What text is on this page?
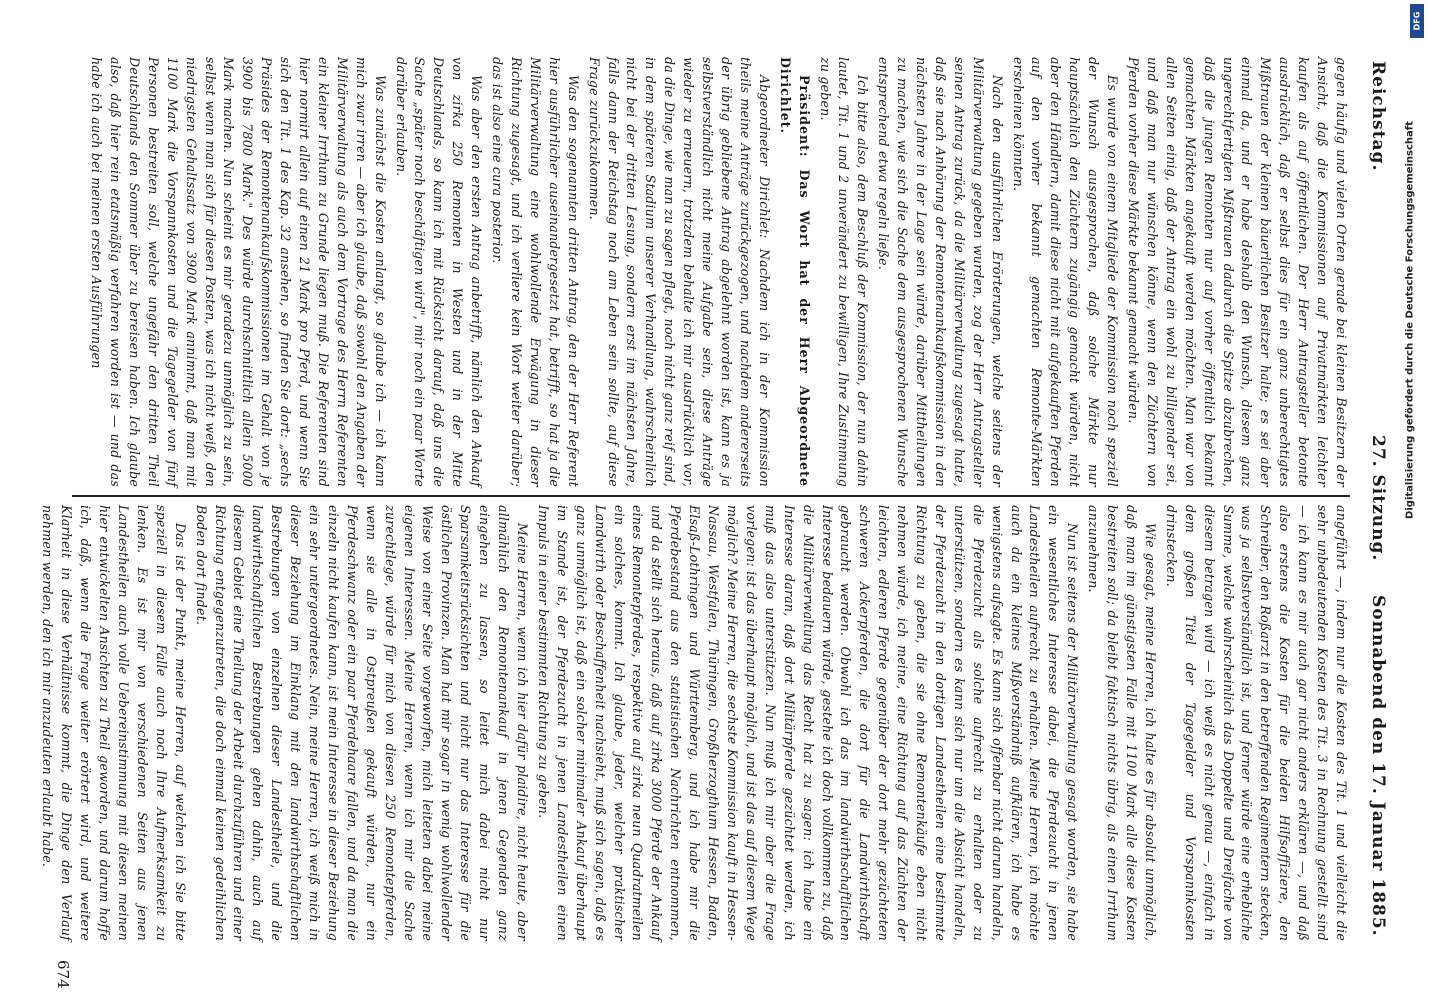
Reichstag.
27. Sitzung.
Sonnabend den 17. Januar 1885.

gegen häufig und vielen Orten gerade bei kleinen Besitzern der Ansicht, daß die Kommissionen auf Privatmärkten leichter kaufen als auf öffentlichen. Der Herr Antragsteller betonte ausdrücklich, daß er selbst dies für ein ganz unberechtigtes Mißtrauen der kleinen bäuerlichen Besitzer halte; es sei aber einmal da, und er habe deshalb den Wunsch, diesem ganz ungerechtfertigten Mißtrauen dadurch die Spitze abzubrechen, daß die jungen Remonten nur auf vorher öffentlich bekannt gemachten Märkten angekauft werden möchten. Man war von allen Seiten einig, daß der Antrag ein wohl zu billigender sei, und daß man nur wünschen könne, wenn den Züchtern von Pferden vorher diese Märkte bekannt gemacht würden.

Es wurde von einem Mitgliede der Kommission noch speziell der Wunsch ausgesprochen, daß solche Märkte nur hauptsächlich den Züchtern zugängig gemacht würden, nicht aber den Händlern, damit diese nicht mit aufgekauften Pferden auf den vorher bekannt gemachten Remonte-Märkten erscheinen könnten.

Nach den ausführlichen Erörterungen, welche seitens der Militärverwaltung gegeben wurden, zog der Herr Antragsteller seinen Antrag zurück, da die Militärverwaltung zugesagt hatte, daß sie nach Anhörung der Remontenankaufskommission in den nächsten Jahre in der Lage sein würde, darüber Mittheilungen zu machen, wie sich die Sache dem ausgesprochenen Wunsche entsprechend etwa regeln ließe.

Ich bitte also, dem Beschluß der Kommission, der nun dahin lautet, Tit. 1 und 2 unverändert zu bewilligen, Ihre Zustimmung zu geben.

Präsident: Das Wort hat der Herr Abgeordnete Dirichlet.

Abgeordneter Dirichlet: Nachdem ich in der Kommission theils meine Anträge zurückgezogen, und nachdem andererseits der übrig gebliebene Antrag abgelehnt worden ist, kann es ja selbstverständlich nicht meine Aufgabe sein, diese Anträge wieder zu erneuern, trotzdem behalte ich mir ausdrücklich vor, da die Dinge, wie man zu sagen pflegt, noch nicht ganz reif sind, in dem späteren Stadium unserer Verhandlung, wahrscheinlich nicht bei der dritten Lesung, sondern erst im nächsten Jahre, falls dann der Reichstag noch am Leben sein sollte, auf diese Frage zurückzukommen.

Was den sogenannten dritten Antrag, den der Herr Referent hier ausführlicher auseinandergesetzt hat, betrifft, so hat ja die Militärverwaltung eine wohlwollende Erwägung in dieser Richtung zugesagt, und ich verliere kein Wort weiter darüber; das ist also eine cura posterior.

Was aber den ersten Antrag anbetrifft, nämlich den Ankauf von zirka 250 Remonten in Westen und in der Mitte Deutschlands, so kann ich mit Rücksicht darauf, daß uns die Sache „später noch beschäftigen wird", mir noch ein paar Worte darüber erlauben.

Was zunächst die Kosten anlangt, so glaube ich — ich kann mich zwar irren — aber ich glaube, daß sowohl den Angaben der Militärverwaltung als auch dem Vortrage des Herrn Referenten ein kleiner Irrthum zu Grunde liegen muß. Die Referenten sind hier normirt allein auf einen 21 Mark pro Pferd, und wenn Sie sich den Tit. 1 des Kap. 32 ansehen, so finden Sie dort: „sechs Präsides der Remontenankaufskommissionen im Gehalt von je 3900 bis 7800 Mark." Des würde durchschnittlich allein 5000 Mark machen. Nun scheint es mir geradezu unmöglich zu sein, selbst wenn man sich für diesen Posten, was ich nicht weiß, den niedrigsten Gehaltssatz von 3900 Mark annimmt, daß man mit 1100 Mark die Vorspannkosten und die Tagegelder von fünf Personen bestreiten soll, welche ungefähr den dritten Theil Deutschlands den Sommer über zu bereisen haben. Ich glaube also, daß hier rein etatsmäßig verfahren worden ist — und das habe ich auch bei meinen ersten Ausführungen

angeführt —, indem nur die Kosten des Tit. 1 und vielleicht die sehr unbedeutenden Kosten des Tit. 3 in Rechnung gestellt sind — ich kann es mir auch gar nicht anders erklären —, und daß also erstens die Kosten für die beiden Hilfsoffiziere, den Schreiber, den Roßarzt in den betreffenden Regimentern stecken, was ja selbstverständlich ist, und ferner würde eine erhebliche Summe, welche wahrscheinlich das Doppelte und Dreifache von diesem betragen wird — ich weiß es nicht genau —, einfach in dem großen Titel der Tagegelder und Vorspannkosten drinstecken.

Wie gesagt, meine Herren, ich halte es für absolut unmöglich, daß man im günstigsten Falle mit 1100 Mark alle diese Kosten bestreiten soll; da bleibt faktisch nichts übrig, als einen Irrthum anzunehmen.

Nun ist seitens der Militärverwaltung gesagt worden, sie habe ein wesentliches Interesse dabei, die Pferdezucht in jenen Landestheilen aufrecht zu erhalten. Meine Herren, ich möchte auch da ein kleines Mißverständniß aufklären, ich habe es wenigstens aufsagte. Es kann sich offenbar nicht darum handeln, die Pferdezucht als solche aufrecht zu erhalten oder zu unterstützen, sondern es kann sich nur um die Absicht handeln, der Pferdezucht in den dortigen Landestheilen eine bestimmte Richtung zu geben, die sie ohne Remontenkäufe eben nicht nehmen würde, ich meine, eine Richtung auf das Züchten der leichten, edleren Pferde gegenüber der dort mehr gezüchteten schweren Ackerpferden, die dort für die Landwirthschaft gebraucht werden. Obwohl ich das im landwirthschaftlichen Interesse bedauern würde, gestehe ich doch vollkommen zu, daß die Militärverwaltung das Recht hat zu sagen: ich habe ein Interesse daran, daß dort Militärpferde gezüchtet werden, ich muß das also unterstützen. Nun muß ich mir aber die Frage vorlegen: ist das überhaupt möglich, und ist das auf diesem Wege möglich? Meine Herren, die sechste Kommission kauft in Hessen-Nassau, Westfalen, Thüringen, Großherzogthum Hessen, Baden, Elsaß-Lothringen und Württemberg, und ich habe mir die Pferdebestand aus den statistischen Nachrichten entnommen, und da stellt sich heraus, daß auf zirka 3000 Pferde der Ankauf eines Remontepferdes, respektive auf zirka neun Quadratmeilen ein solches, kommt. Ich glaube, jeder, welcher praktischer Landwirth oder Beschaffenheit nachsieht, muß sich sagen, daß es ganz unmöglich ist, daß ein solcher minimaler Ankauf überhaupt im Stande ist, der Pferdezucht in jenen Landestheilen einen Impuls in einer bestimmten Richtung zu geben.

Meine Herren, wenn ich hier dafür plaidire, nicht heute, aber allmählich den Remontenankauf in jenen Gegenden ganz eingehen zu lassen, so leitet mich dabei nicht nur Sparsamkeitsrücksichten und nicht nur das Interesse für die östlichen Provinzen. Man hat mir sogar in wenig wohlwollender Weise von einer Seite vorgeworfen, mich leiteten dabei meine eigenen Interessen. Meine Herren, wenn ich mir die Sache zurechtlege, würde für mich von diesen 250 Remontepferden, wenn sie alle in Ostpreußen gekauft würden, nur ein Pferdeschwanz oder ein paar Pferdehaare fallen, und da man die einzeln nicht kaufen kann, ist mein Interesse in dieser Beziehung ein sehr untergeordnetes. Nein, meine Herren, ich weiß mich in dieser Beziehung im Einklang mit den landwirthschaftlichen Bestrebungen von einzelnen dieser Landestheile, und die landwirthschaftlichen Bestrebungen gehen dahin, auch auf diesem Gebiet eine Theilung der Arbeit durchzuführen und einer Richtung entgegenzutreten, die doch einmal keinen gedeihlichen Boden dort findet.

Das ist der Punkt, meine Herren, auf welchen ich Sie bitte speziell in diesem Falle auch noch Ihre Aufmerksamkeit zu lenken. Es ist mir von verschiedenen Seiten aus jenen Landestheilen auch volle Uebereinstimmung mit diesen meinen hier entwickelten Ansichten zu Theil geworden, und darum hoffe ich, daß, wenn die Frage weiter erörtert wird, und weitere Klarheit in diese Verhältnisse kommt, die Dinge den Verlauf nehmen werden, den ich mir anzudeuten erlaubt habe.

Digitalisierung gefördert durch die Deutsche Forschungsgemeinschaft
DFG
674
